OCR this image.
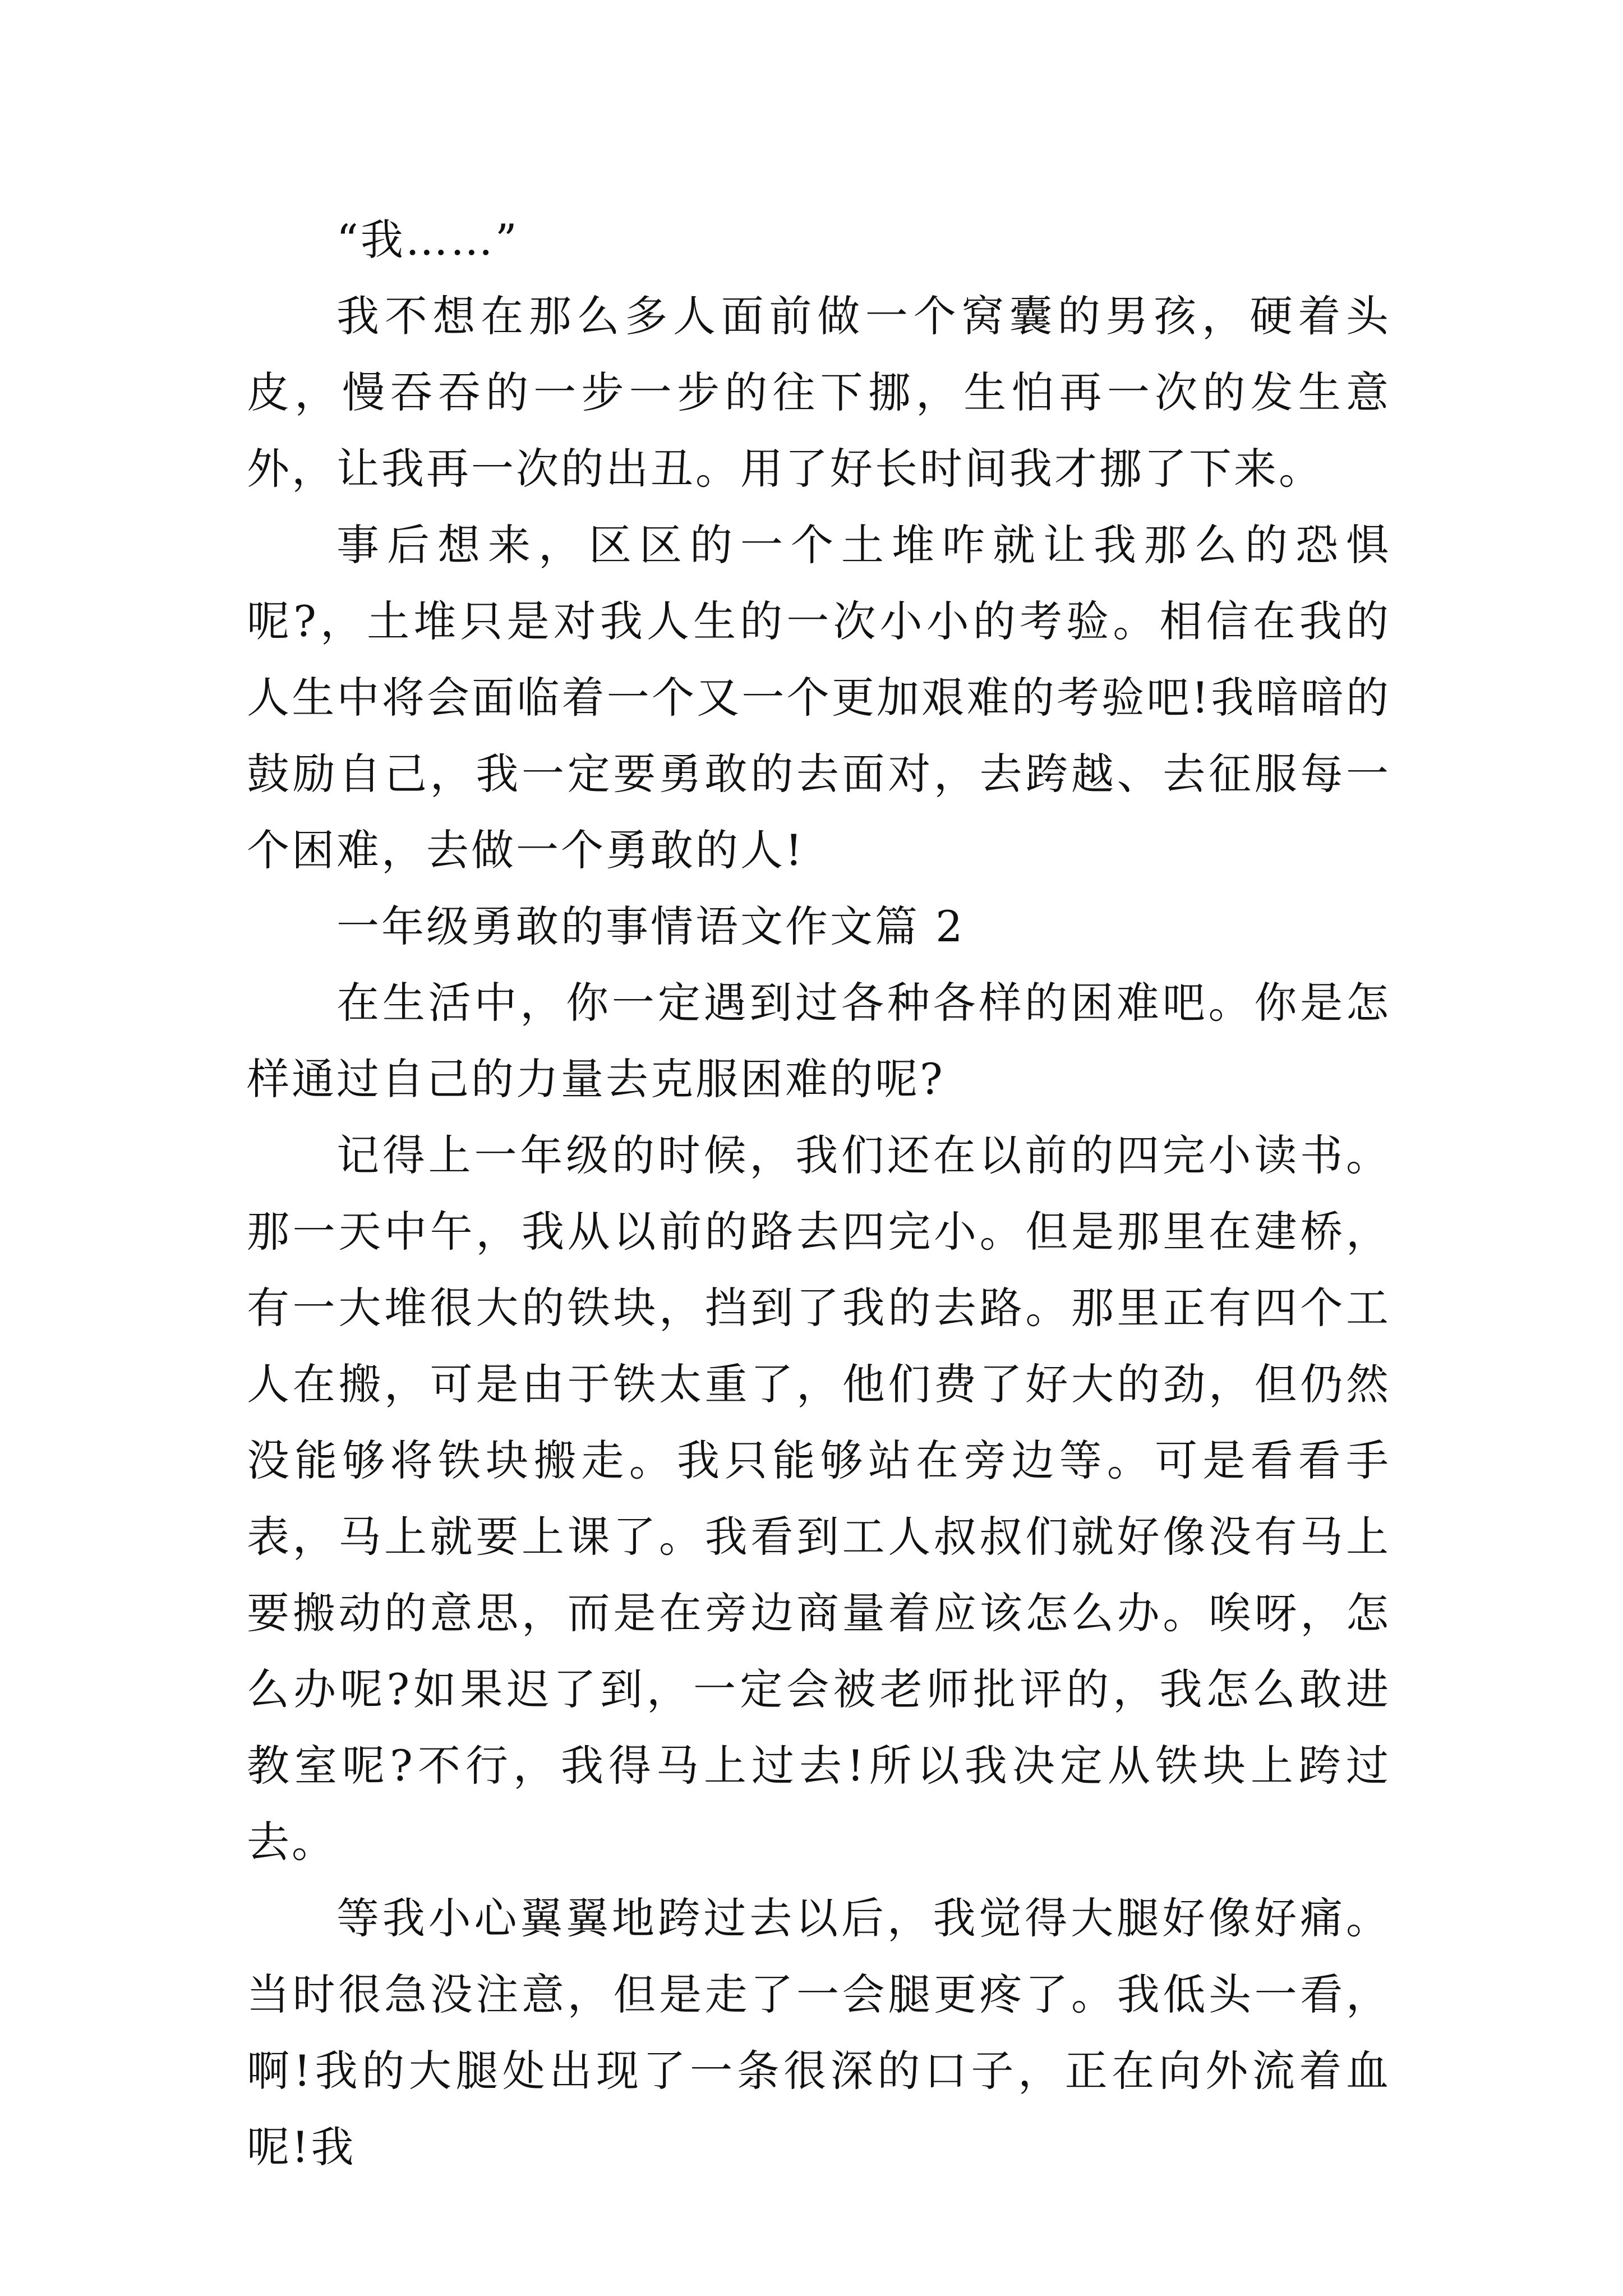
“我……”

我不想在那么多人面前做一个窝囊的男孩，硬着头皮，慢吞吞的一步一步的往下挪，生怕再一次的发生意外，让我再一次的出丑。用了好长时间我才挪了下来。

事后想来，区区的一个土堆咋就让我那么的恐惧呢?，土堆只是对我人生的一次小小的考验。相信在我的人生中将会面临着一个又一个更加艰难的考验吧!我暗暗的鼓励自己，我一定要勇敢的去面对，去跨越、去征服每一个困难，去做一个勇敢的人!

一年级勇敢的事情语文作文篇 2

在生活中，你一定遇到过各种各样的困难吧。你是怎样通过自己的力量去克服困难的呢?

记得上一年级的时候，我们还在以前的四完小读书。那一天中午，我从以前的路去四完小。但是那里在建桥，有一大堆很大的铁块，挡到了我的去路。那里正有四个工人在搬，可是由于铁太重了，他们费了好大的劲，但仍然没能够将铁块搬走。我只能够站在旁边等。可是看看手表，马上就要上课了。我看到工人叔叔们就好像没有马上要搬动的意思，而是在旁边商量着应该怎么办。唉呀，怎么办呢?如果迟了到，一定会被老师批评的，我怎么敢进教室呢?不行，我得马上过去!所以我决定从铁块上跨过去。

等我小心翼翼地跨过去以后，我觉得大腿好像好痛。当时很急没注意，但是走了一会腿更疼了。我低头一看，啊!我的大腿处出现了一条很深的口子，正在向外流着血呢!我
